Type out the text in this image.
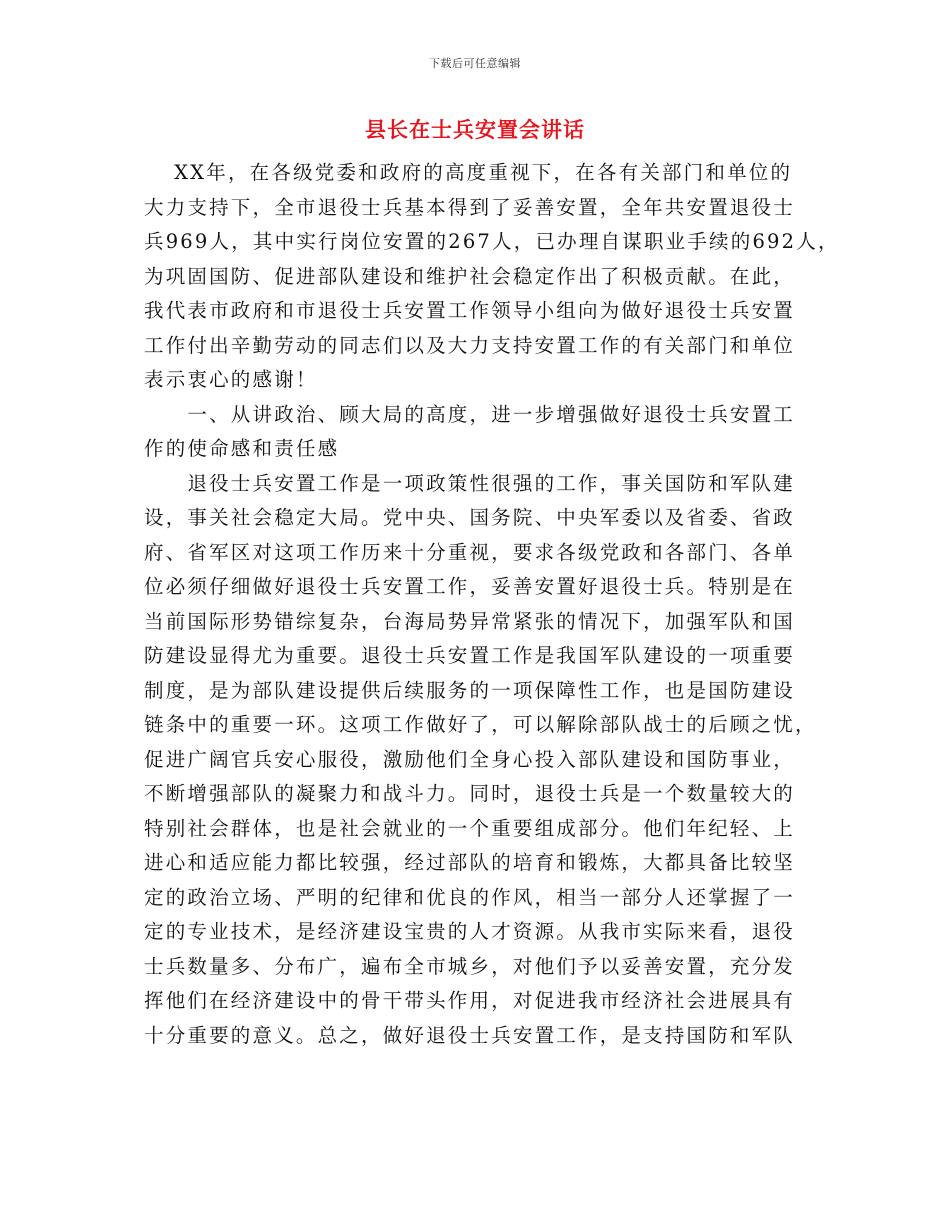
下载后可任意编辑
县长在士兵安置会讲话
　 XX年，在各级党委和政府的高度重视下，在各有关部门和单位的
大力支持下，全市退役士兵基本得到了妥善安置，全年共安置退役士
兵969人，其中实行岗位安置的267人，已办理自谋职业手续的692人，
为巩固国防、促进部队建设和维护社会稳定作出了积极贡献。在此，
我代表市政府和市退役士兵安置工作领导小组向为做好退役士兵安置
工作付出辛勤劳动的同志们以及大力支持安置工作的有关部门和单位
表示衷心的感谢！
　　一、从讲政治、顾大局的高度，进一步增强做好退役士兵安置工
作的使命感和责任感
　　退役士兵安置工作是一项政策性很强的工作，事关国防和军队建
设，事关社会稳定大局。党中央、国务院、中央军委以及省委、省政
府、省军区对这项工作历来十分重视，要求各级党政和各部门、各单
位必须仔细做好退役士兵安置工作，妥善安置好退役士兵。特别是在
当前国际形势错综复杂，台海局势异常紧张的情况下，加强军队和国
防建设显得尤为重要。退役士兵安置工作是我国军队建设的一项重要
制度，是为部队建设提供后续服务的一项保障性工作，也是国防建设
链条中的重要一环。这项工作做好了，可以解除部队战士的后顾之忧，
促进广阔官兵安心服役，激励他们全身心投入部队建设和国防事业，
不断增强部队的凝聚力和战斗力。同时，退役士兵是一个数量较大的
特别社会群体，也是社会就业的一个重要组成部分。他们年纪轻、上
进心和适应能力都比较强，经过部队的培育和锻炼，大都具备比较坚
定的政治立场、严明的纪律和优良的作风，相当一部分人还掌握了一
定的专业技术，是经济建设宝贵的人才资源。从我市实际来看，退役
士兵数量多、分布广，遍布全市城乡，对他们予以妥善安置，充分发
挥他们在经济建设中的骨干带头作用，对促进我市经济社会进展具有
十分重要的意义。总之，做好退役士兵安置工作，是支持国防和军队
